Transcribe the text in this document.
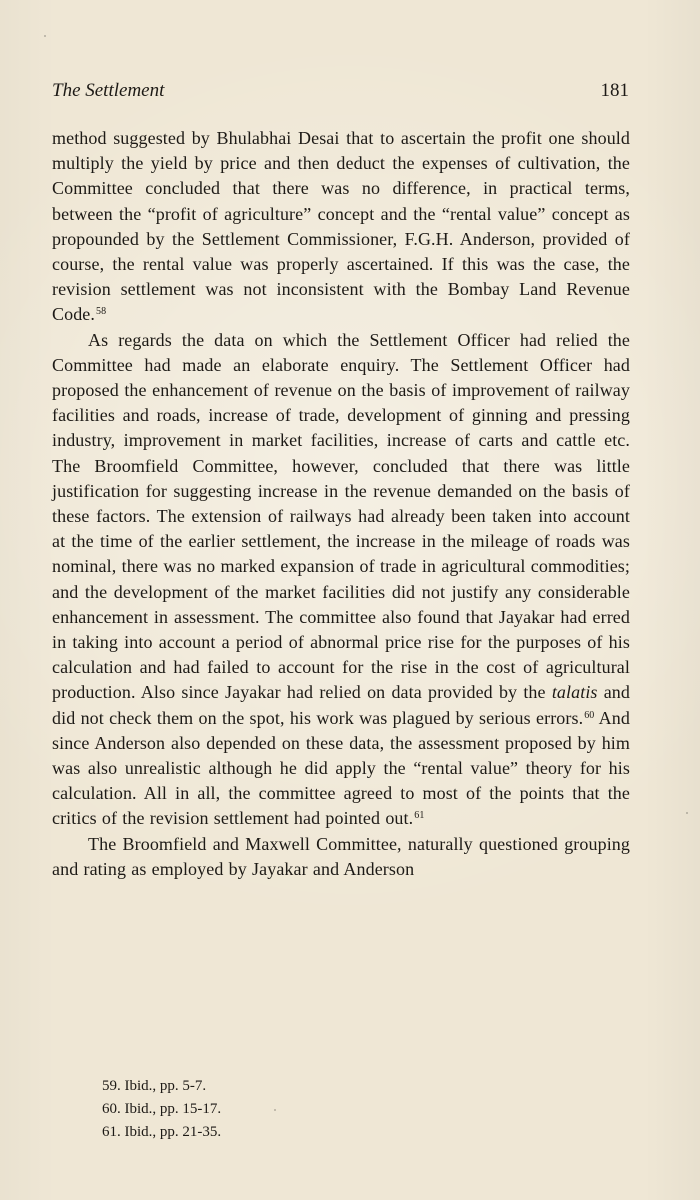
The Settlement	181

method suggested by Bhulabhai Desai that to ascertain the profit one should multiply the yield by price and then deduct the expenses of cultivation, the Committee concluded that there was no difference, in practical terms, between the “profit of agriculture” concept and the “rental value” concept as propounded by the Settlement Commissioner, F.G.H. Anderson, provided of course, the rental value was properly ascertained. If this was the case, the revision settlement was not inconsistent with the Bombay Land Revenue Code.$^{58}$

As regards the data on which the Settlement Officer had relied the Committee had made an elaborate enquiry. The Settlement Officer had proposed the enhancement of revenue on the basis of improvement of railway facilities and roads, increase of trade, development of ginning and pressing industry, improvement in market facilities, increase of carts and cattle etc. The Broomfield Committee, however, concluded that there was little justification for suggesting increase in the revenue demanded on the basis of these factors. The extension of railways had already been taken into account at the time of the earlier settlement, the increase in the mileage of roads was nominal, there was no marked expansion of trade in agricultural commodities; and the development of the market facilities did not justify any considerable enhancement in assessment. The committee also found that Jayakar had erred in taking into account a period of abnormal price rise for the purposes of his calculation and had failed to account for the rise in the cost of agricultural production. Also since Jayakar had relied on data provided by the talatis and did not check them on the spot, his work was plagued by serious errors.$^{60}$ And since Anderson also depended on these data, the assessment proposed by him was also unrealistic although he did apply the “rental value” theory for his calculation. All in all, the committee agreed to most of the points that the critics of the revision settlement had pointed out.$^{61}$

The Broomfield and Maxwell Committee, naturally questioned grouping and rating as employed by Jayakar and Anderson

59. Ibid., pp. 5-7.
60. Ibid., pp. 15-17.
61. Ibid., pp. 21-35.
